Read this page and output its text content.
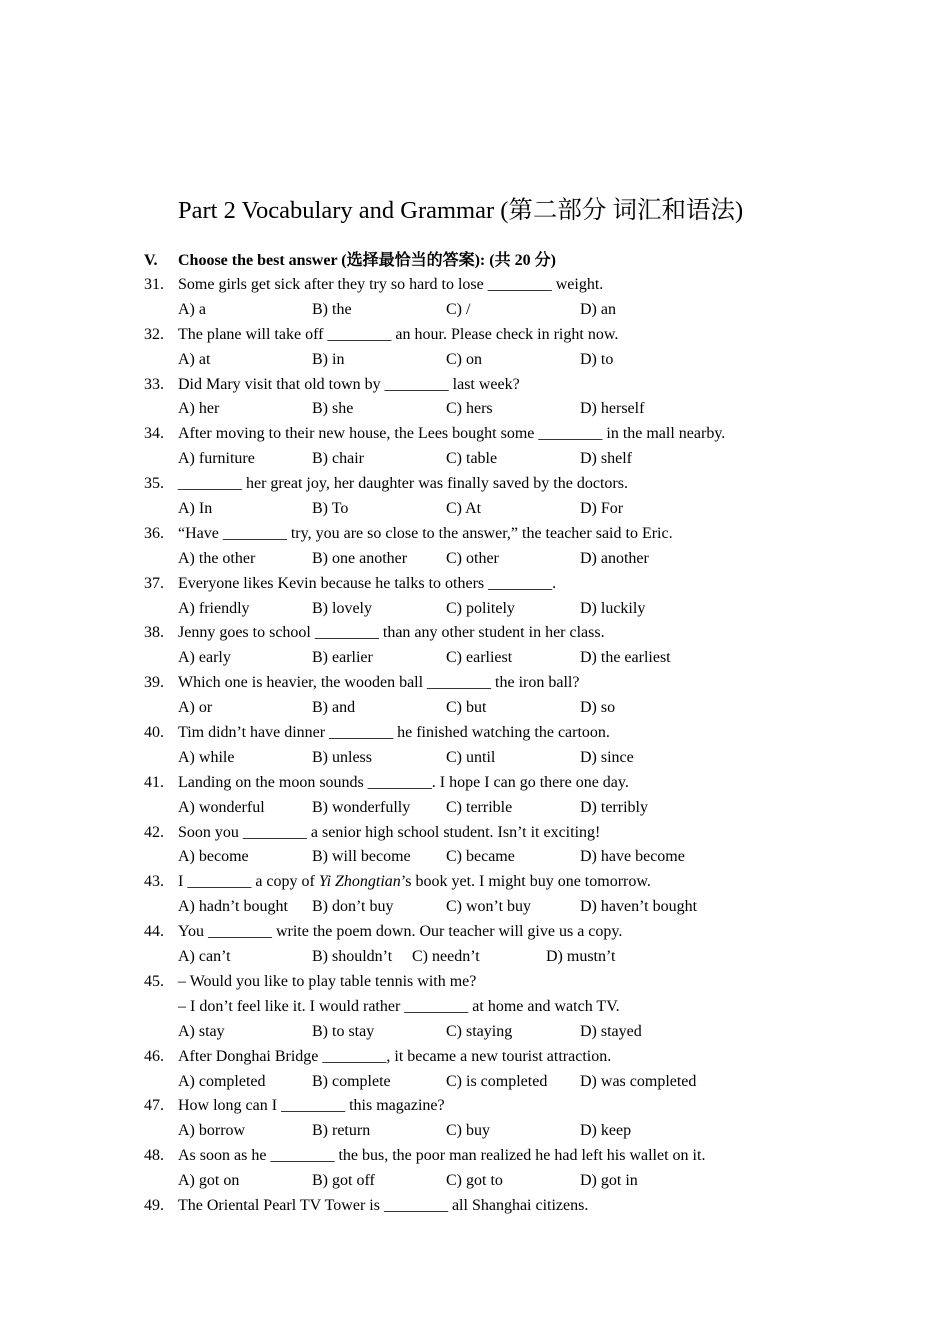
Part 2 Vocabulary and Grammar (第二部分 词汇和语法)
V. Choose the best answer (选择最恰当的答案): (共 20 分)
31. Some girls get sick after they try so hard to lose ________ weight.
A) a	B) the	C) /	D) an
32. The plane will take off ________ an hour. Please check in right now.
A) at	B) in	C) on	D) to
33. Did Mary visit that old town by ________ last week?
A) her	B) she	C) hers	D) herself
34. After moving to their new house, the Lees bought some ________ in the mall nearby.
A) furniture	B) chair	C) table	D) shelf
35. ________ her great joy, her daughter was finally saved by the doctors.
A) In	B) To	C) At	D) For
36. “Have ________ try, you are so close to the answer,” the teacher said to Eric.
A) the other	B) one another C) other	D) another
37. Everyone likes Kevin because he talks to others ________.
A) friendly	B) lovely	C) politely	D) luckily
38. Jenny goes to school ________ than any other student in her class.
A) early	B) earlier	C) earliest	D) the earliest
39. Which one is heavier, the wooden ball ________ the iron ball?
A) or	B) and	C) but	D) so
40. Tim didn’t have dinner ________ he finished watching the cartoon.
A) while	B) unless	C) until	D) since
41. Landing on the moon sounds ________. I hope I can go there one day.
A) wonderful	B) wonderfully C) terrible	D) terribly
42. Soon you ________ a senior high school student. Isn’t it exciting!
A) become	B) will become C) became	D) have become
43. I ________ a copy of Yi Zhongtian’s book yet. I might buy one tomorrow.
A) hadn’t bought B) don’t buy	C) won’t buy	D) haven’t bought
44. You ________ write the poem down. Our teacher will give us a copy.
A) can’t	B) shouldn’t C) needn’t	D) mustn’t
45. – Would you like to play table tennis with me?
– I don’t feel like it. I would rather ________ at home and watch TV.
A) stay	B) to stay	C) staying	D) stayed
46. After Donghai Bridge ________, it became a new tourist attraction.
A) completed	B) complete	C) is completed D) was completed
47. How long can I ________ this magazine?
A) borrow	B) return	C) buy	D) keep
48. As soon as he ________ the bus, the poor man realized he had left his wallet on it.
A) got on	B) got off	C) got to	D) got in
49. The Oriental Pearl TV Tower is ________ all Shanghai citizens.
